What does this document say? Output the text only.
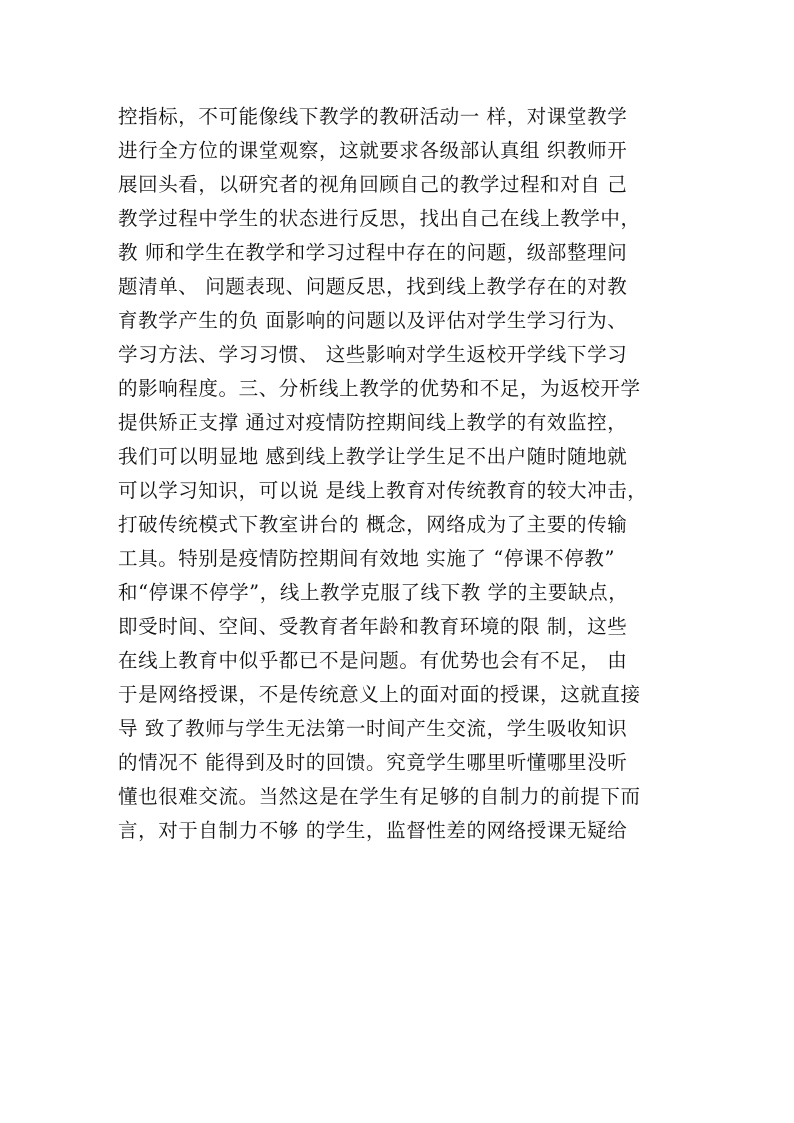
控指标，不可能像线下教学的教研活动一 样，对课堂教学
进行全方位的课堂观察，这就要求各级部认真组 织教师开
展回头看，以研究者的视角回顾自己的教学过程和对自 己
教学过程中学生的状态进行反思，找出自己在线上教学中，
教 师和学生在教学和学习过程中存在的问题，级部整理问
题清单、 问题表现、问题反思，找到线上教学存在的对教
育教学产生的负 面影响的问题以及评估对学生学习行为、
学习方法、学习习惯、 这些影响对学生返校开学线下学习
的影响程度。三、分析线上教学的优势和不足，为返校开学
提供矫正支撑 通过对疫情防控期间线上教学的有效监控，
我们可以明显地 感到线上教学让学生足不出户随时随地就
可以学习知识，可以说 是线上教育对传统教育的较大冲击，
打破传统模式下教室讲台的 概念，网络成为了主要的传输
工具。特别是疫情防控期间有效地 实施了 “停课不停教”
和“停课不停学”，线上教学克服了线下教 学的主要缺点，
即受时间、空间、受教育者年龄和教育环境的限 制，这些
在线上教育中似乎都已不是问题。有优势也会有不足， 由
于是网络授课，不是传统意义上的面对面的授课，这就直接
导 致了教师与学生无法第一时间产生交流，学生吸收知识
的情况不 能得到及时的回馈。究竟学生哪里听懂哪里没听
懂也很难交流。当然这是在学生有足够的自制力的前提下而
言，对于自制力不够 的学生，监督性差的网络授课无疑给
